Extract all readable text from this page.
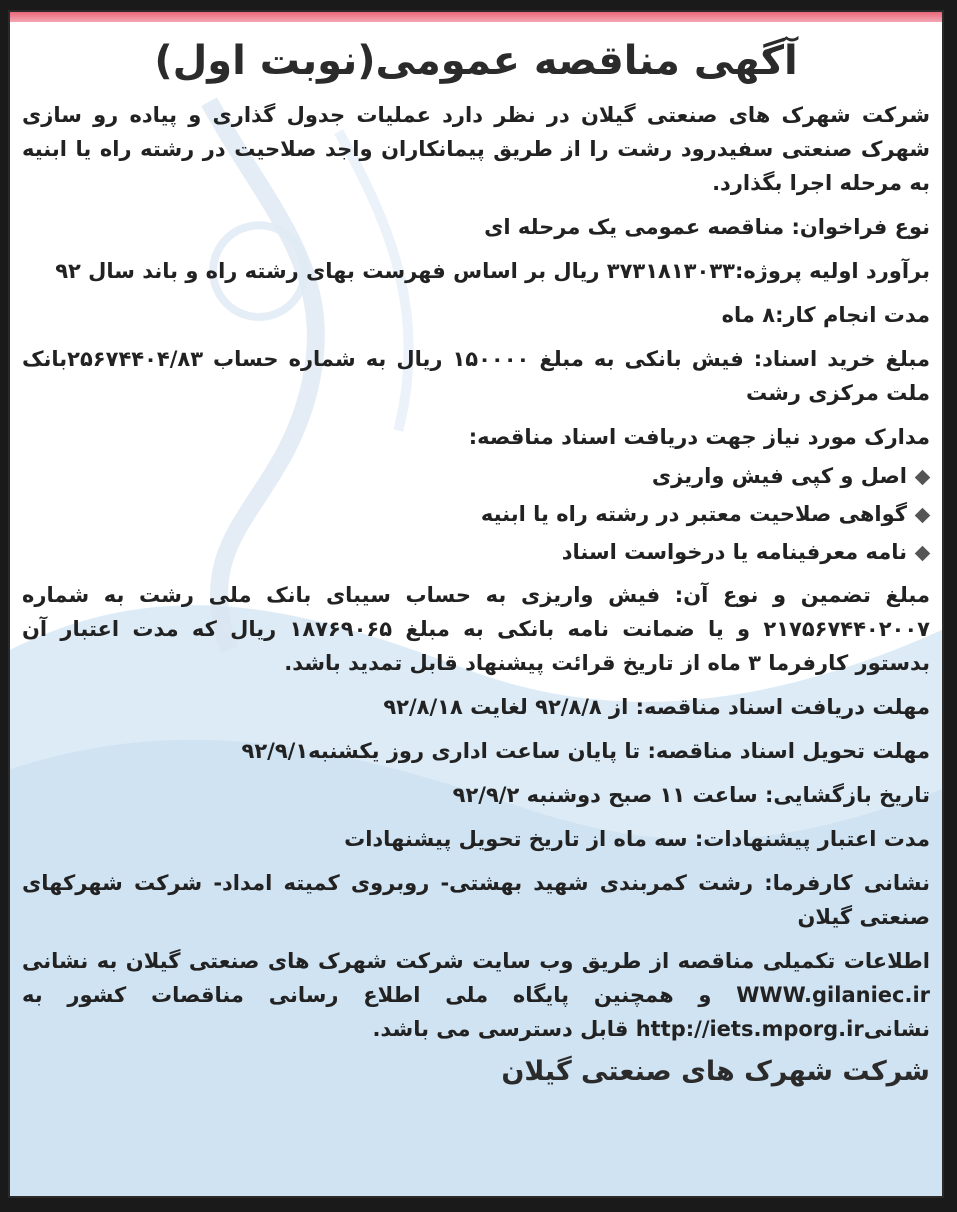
آگهی مناقصه عمومی(نوبت اول)

شرکت شهرک های صنعتی گیلان در نظر دارد عملیات جدول گذاری و پیاده رو سازی شهرک صنعتی سفیدرود رشت را از طریق پیمانکاران واجد صلاحیت در رشته راه یا ابنیه به مرحله اجرا بگذارد.

نوع فراخوان: مناقصه عمومی یک مرحله ای

برآورد اولیه پروژه:۳۷۳۱۸۱۳۰۳۳ ریال بر اساس فهرست بهای رشته راه و باند سال ۹۲

مدت انجام کار:۸ ماه

مبلغ خرید اسناد: فیش بانکی به مبلغ ۱۵۰۰۰۰ ریال به شماره حساب ۲۵۶۷۴۴۰۴/۸۳بانک ملت مرکزی رشت

مدارک مورد نیاز جهت دریافت اسناد مناقصه:

اصل و کپی فیش واریزی
گواهی صلاحیت معتبر در رشته راه یا ابنیه
نامه معرفینامه یا درخواست اسناد

مبلغ تضمین و نوع آن: فیش واریزی به حساب سیبای بانک ملی رشت به شماره ۲۱۷۵۶۷۴۴۰۲۰۰۷ و یا ضمانت نامه بانکی به مبلغ ۱۸۷۶۹۰۶۵ ریال که مدت اعتبار آن بدستور کارفرما ۳ ماه از تاریخ قرائت پیشنهاد قابل تمدید باشد.

مهلت دریافت اسناد مناقصه: از ۹۲/۸/۸ لغایت ۹۲/۸/۱۸

مهلت تحویل اسناد مناقصه: تا پایان ساعت اداری روز یکشنبه۹۲/۹/۱

تاریخ بازگشایی: ساعت ۱۱ صبح دوشنبه ۹۲/۹/۲

مدت اعتبار پیشنهادات: سه ماه از تاریخ تحویل پیشنهادات

نشانی کارفرما: رشت کمربندی شهید بهشتی- روبروی کمیته امداد- شرکت شهرکهای صنعتی گیلان

اطلاعات تکمیلی مناقصه از طریق وب سایت شرکت شهرک های صنعتی گیلان به نشانی WWW.gilaniec.ir و همچنین پایگاه ملی اطلاع رسانی مناقصات کشور به نشانیhttp://iets.mporg.ir قابل دسترسی می باشد.

شرکت شهرک های صنعتی گیلان
